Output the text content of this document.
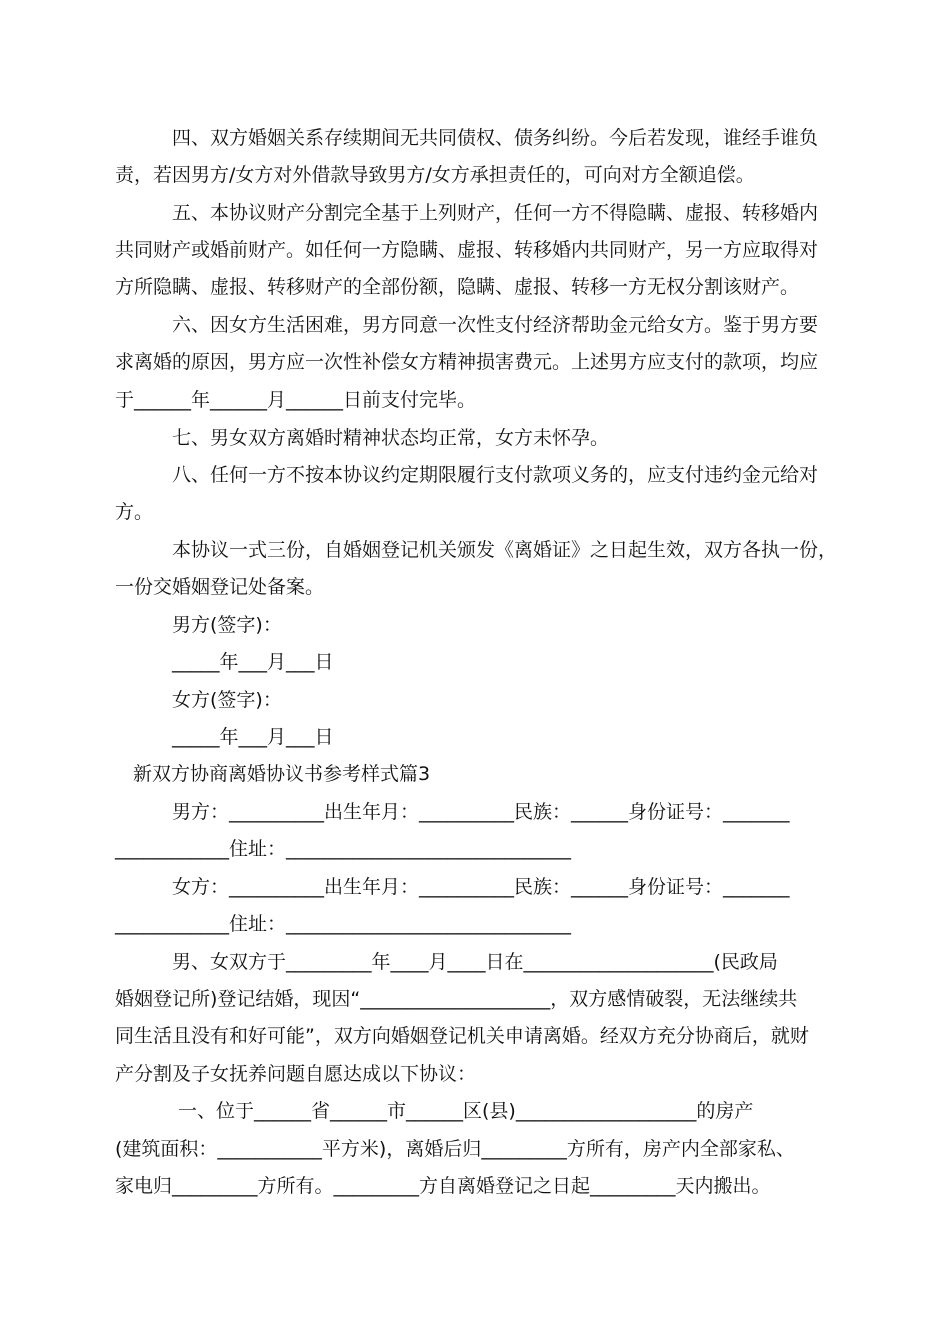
四、双方婚姻关系存续期间无共同债权、债务纠纷。今后若发现，谁经手谁负
责，若因男方/女方对外借款导致男方/女方承担责任的，可向对方全额追偿。
五、本协议财产分割完全基于上列财产，任何一方不得隐瞒、虚报、转移婚内
共同财产或婚前财产。如任何一方隐瞒、虚报、转移婚内共同财产，另一方应取得对
方所隐瞒、虚报、转移财产的全部份额，隐瞒、虚报、转移一方无权分割该财产。
六、因女方生活困难，男方同意一次性支付经济帮助金元给女方。鉴于男方要
求离婚的原因，男方应一次性补偿女方精神损害费元。上述男方应支付的款项，均应
于______年______月______日前支付完毕。
七、男女双方离婚时精神状态均正常，女方未怀孕。
八、任何一方不按本协议约定期限履行支付款项义务的，应支付违约金元给对
方。
本协议一式三份，自婚姻登记机关颁发《离婚证》之日起生效，双方各执一份，
一份交婚姻登记处备案。
男方(签字)：
_____年___月___日
女方(签字)：
_____年___月___日
新双方协商离婚协议书参考样式篇3
男方：__________出生年月：__________民族：______身份证号：_______
____________住址：______________________________
女方：__________出生年月：__________民族：______身份证号：_______
____________住址：______________________________
男、女双方于_________年____月____日在____________________(民政局
婚姻登记所)登记结婚，现因“____________________，双方感情破裂，无法继续共
同生活且没有和好可能”，双方向婚姻登记机关申请离婚。经双方充分协商后，就财
产分割及子女抚养问题自愿达成以下协议：
一、位于______省______市______区(县)___________________的房产
(建筑面积：___________平方米)，离婚后归_________方所有，房产内全部家私、
家电归_________方所有。_________方自离婚登记之日起_________天内搬出。
